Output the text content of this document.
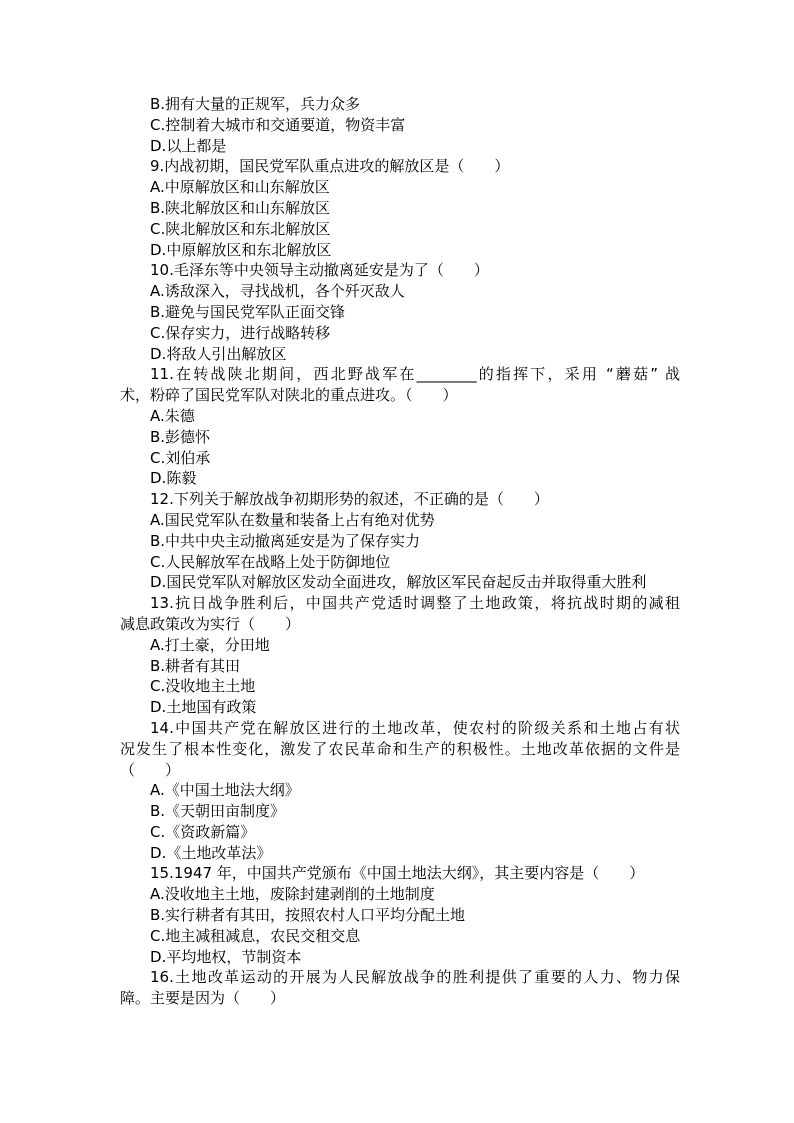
B.拥有大量的正规军，兵力众多
C.控制着大城市和交通要道，物资丰富
D.以上都是
9.内战初期，国民党军队重点进攻的解放区是（　　）
A.中原解放区和山东解放区
B.陕北解放区和山东解放区
C.陕北解放区和东北解放区
D.中原解放区和东北解放区
10.毛泽东等中央领导主动撤离延安是为了（　　）
A.诱敌深入，寻找战机，各个歼灭敌人
B.避免与国民党军队正面交锋
C.保存实力，进行战略转移
D.将敌人引出解放区
11.在转战陕北期间，西北野战军在________的指挥下，采用 “蘑菇” 战
术，粉碎了国民党军队对陕北的重点进攻。（　　）
A.朱德
B.彭德怀
C.刘伯承
D.陈毅
12.下列关于解放战争初期形势的叙述，不正确的是（　　）
A.国民党军队在数量和装备上占有绝对优势
B.中共中央主动撤离延安是为了保存实力
C.人民解放军在战略上处于防御地位
D.国民党军队对解放区发动全面进攻，解放区军民奋起反击并取得重大胜利
13.抗日战争胜利后，中国共产党适时调整了土地政策，将抗战时期的减租
减息政策改为实行（　　）
A.打土豪，分田地
B.耕者有其田
C.没收地主土地
D.土地国有政策
14.中国共产党在解放区进行的土地改革，使农村的阶级关系和土地占有状
况发生了根本性变化，激发了农民革命和生产的积极性。土地改革依据的文件是
（　　）
A.《中国土地法大纲》
B.《天朝田亩制度》
C.《资政新篇》
D.《土地改革法》
15.1947 年，中国共产党颁布《中国土地法大纲》，其主要内容是（　　）
A.没收地主土地，废除封建剥削的土地制度
B.实行耕者有其田，按照农村人口平均分配土地
C.地主减租减息，农民交租交息
D.平均地权，节制资本
16.土地改革运动的开展为人民解放战争的胜利提供了重要的人力、物力保
障。主要是因为（　　）
